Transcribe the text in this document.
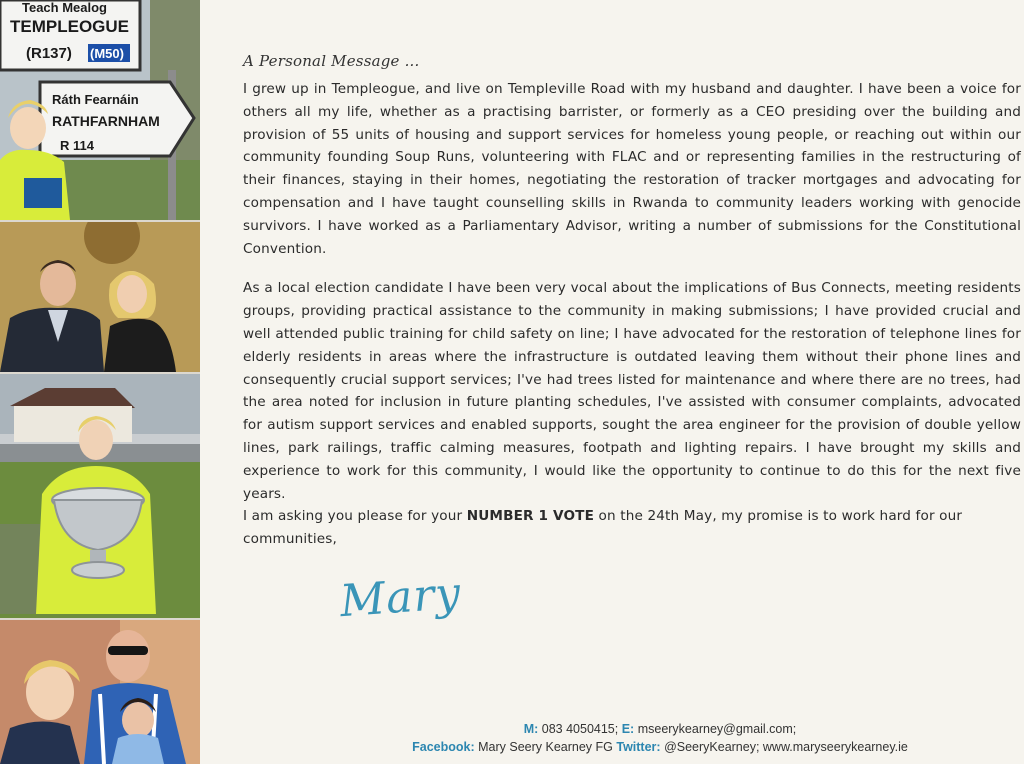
Teach Mealog
TEMPLEOGUE
(R137) (M50)
Ráth Fearnáin
RATHFARNHAM
R 114

A Personal Message ...

I grew up in Templeogue, and live on Templeville Road with my husband and daughter. I have been a voice for others all my life, whether as a practising barrister, or formerly as a CEO presiding over the building and provision of 55 units of housing and support services for homeless young people, or reaching out within our community founding Soup Runs, volunteering with FLAC and or representing families in the restructuring of their finances, staying in their homes, negotiating the restoration of tracker mortgages and advocating for compensation and I have taught counselling skills in Rwanda to community leaders working with genocide survivors. I have worked as a Parliamentary Advisor, writing a number of submissions for the Constitutional Convention.

As a local election candidate I have been very vocal about the implications of Bus Connects, meeting residents groups, providing practical assistance to the community in making submissions; I have provided crucial and well attended public training for child safety on line; I have advocated for the restoration of telephone lines for elderly residents in areas where the infrastructure is outdated leaving them without their phone lines and consequently crucial support services; I've had trees listed for maintenance and where there are no trees, had the area noted for inclusion in future planting schedules, I've assisted with consumer complaints, advocated for autism support services and enabled supports, sought the area engineer for the provision of double yellow lines, park railings, traffic calming measures, footpath and lighting repairs. I have brought my skills and experience to work for this community, I would like the opportunity to continue to do this for the next five years.

I am asking you please for your NUMBER 1 VOTE on the 24th May, my promise is to work hard for our communities,

Mary
M: 083 4050415; E: mseerykearney@gmail.com;
Facebook: Mary Seery Kearney FG Twitter: @SeeryKearney; www.maryseerykearney.ie
